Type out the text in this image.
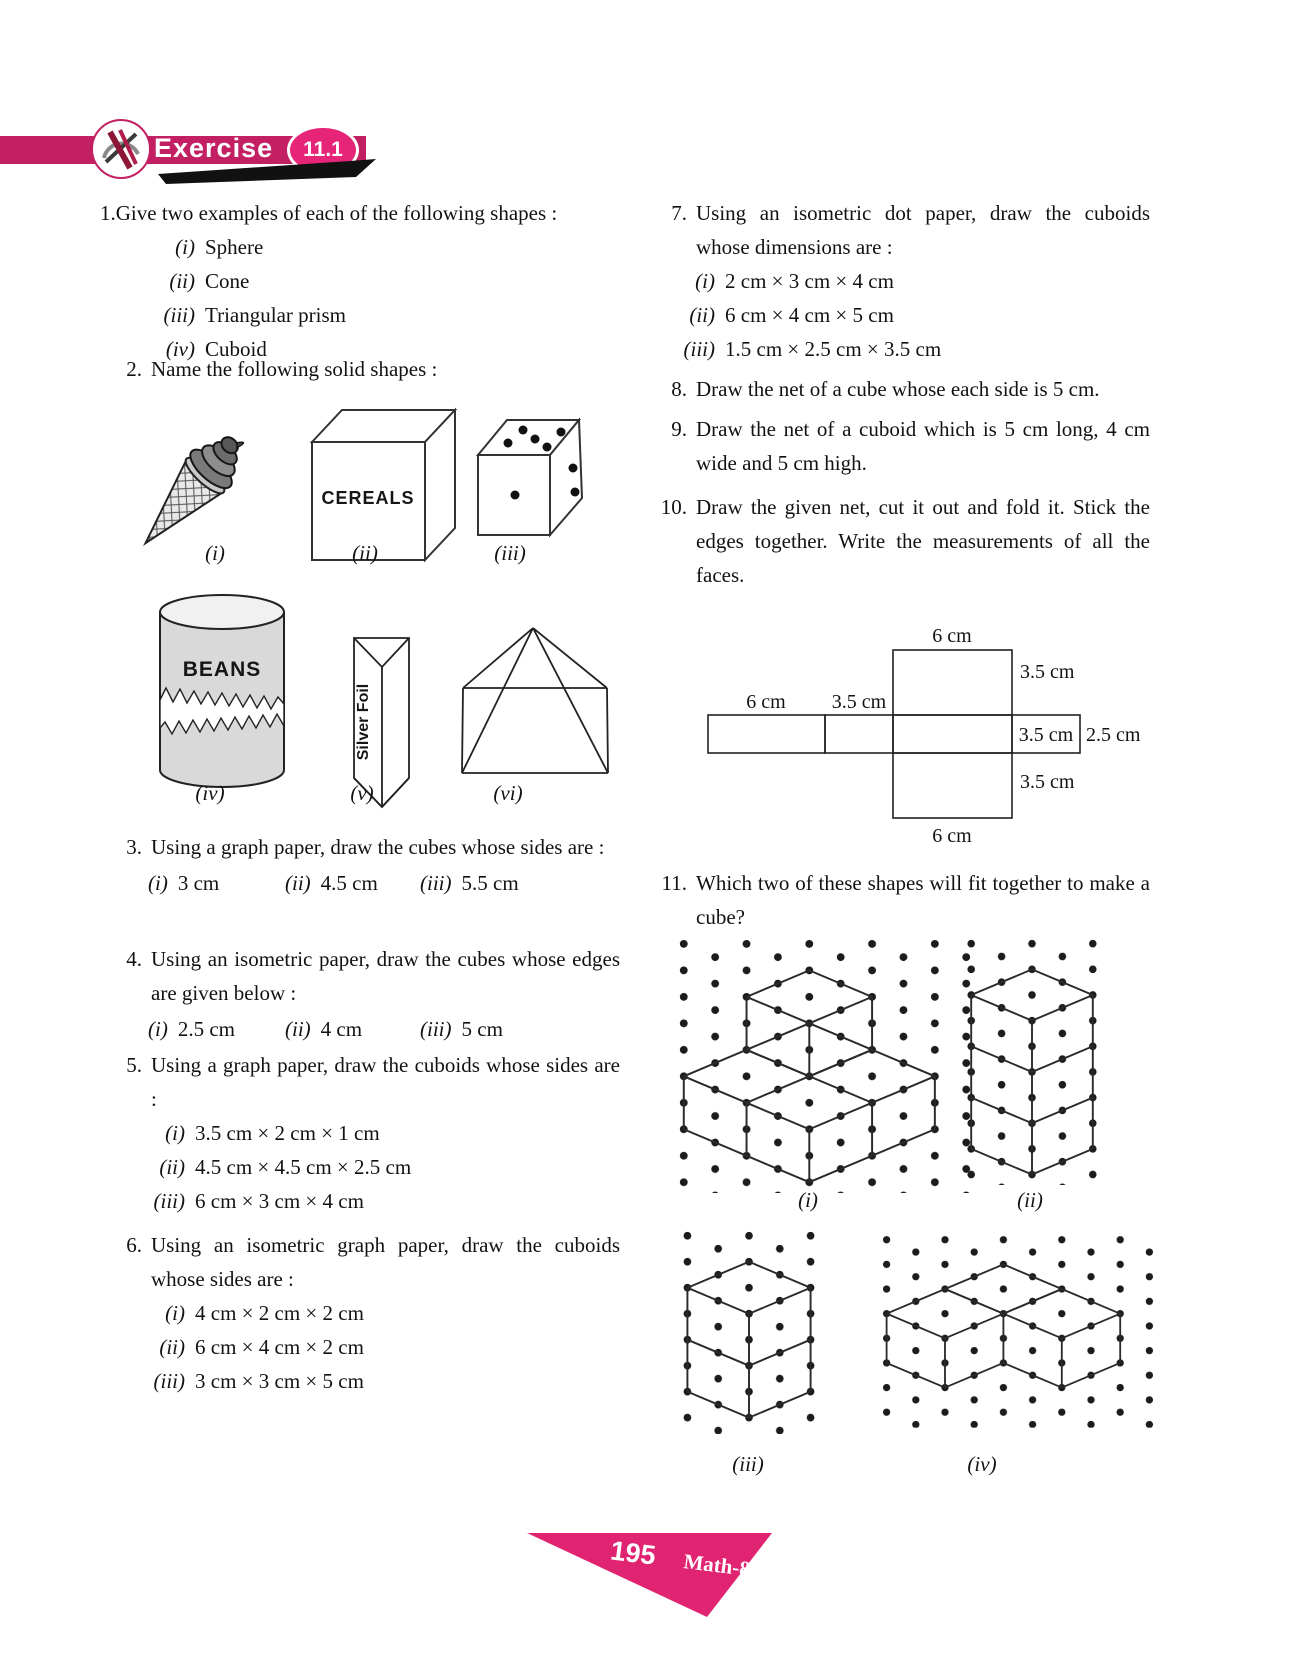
Exercise	11.1
1.Give two examples of each of the following shapes :
(i) Sphere
(ii) Cone
(iii) Triangular prism
(iv) Cuboid
2. Name the following solid shapes :
CEREALS
(i)	(ii)	(iii)
BEANS
Silver Foil
(iv)	(v)	(vi)
3. Using a graph paper, draw the cubes whose sides are :
(i) 3 cm	(ii) 4.5 cm (iii) 5.5 cm
4. Using an isometric paper, draw the cubes whose edges are given below :
(i) 2.5 cm (ii) 4 cm	(iii) 5 cm
5. Using a graph paper, draw the cuboids whose sides are :
(i) 3.5 cm × 2 cm × 1 cm
(ii) 4.5 cm × 4.5 cm × 2.5 cm
(iii) 6 cm × 3 cm × 4 cm
6. Using an isometric graph paper, draw the cuboids whose sides are :
(i) 4 cm × 2 cm × 2 cm
(ii) 6 cm × 4 cm × 2 cm
(iii) 3 cm × 3 cm × 5 cm
7. Using an isometric dot paper, draw the cuboids whose dimensions are :
(i) 2 cm × 3 cm × 4 cm
(ii) 6 cm × 4 cm × 5 cm
(iii) 1.5 cm × 2.5 cm × 3.5 cm
8. Draw the net of a cube whose each side is 5 cm.
9. Draw the net of a cuboid which is 5 cm long, 4 cm wide and 5 cm high.
10. Draw the given net, cut it out and fold it. Stick the edges together. Write the measurements of all the faces.
6 cm
3.5 cm
6 cm 3.5 cm
3.5 cm 2.5 cm
3.5 cm
6 cm
11. Which two of these shapes will fit together to make a cube?
(i)	(ii)
(iii)	(iv)
195 Math-8
